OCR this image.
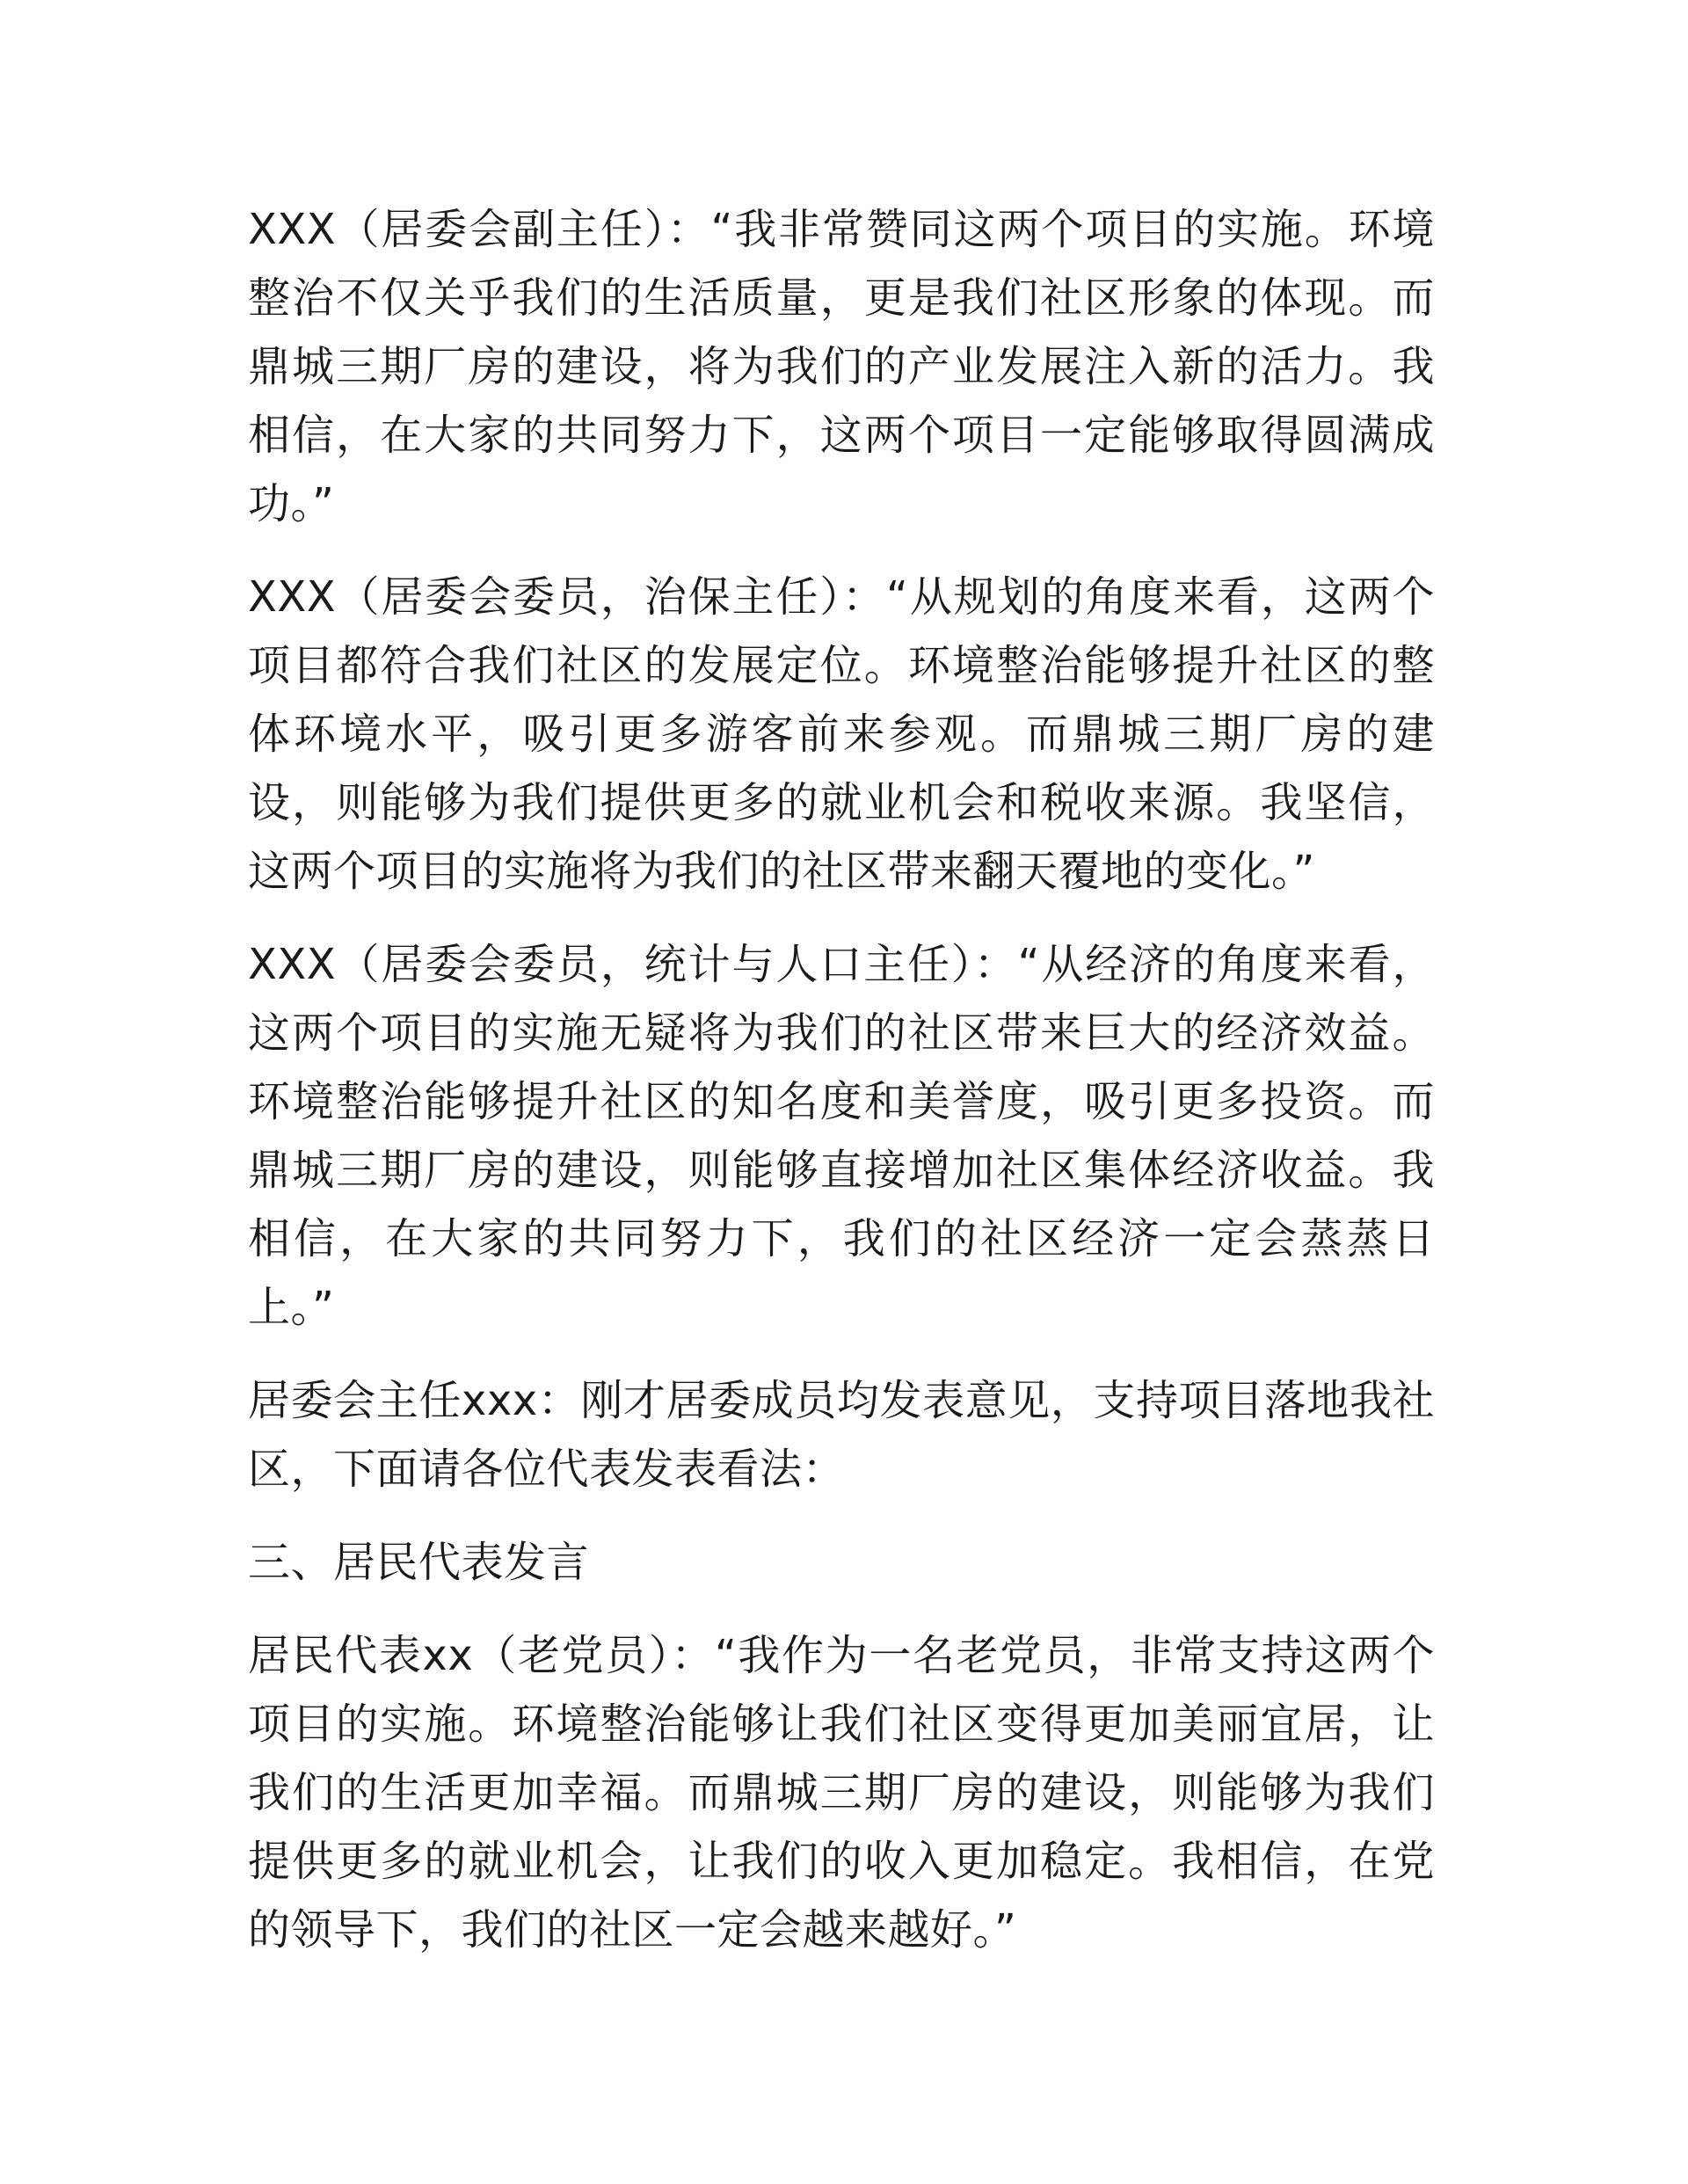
XXX（居委会副主任）：“我非常赞同这两个项目的实施。环境整治不仅关乎我们的生活质量，更是我们社区形象的体现。而鼎城三期厂房的建设，将为我们的产业发展注入新的活力。我相信，在大家的共同努力下，这两个项目一定能够取得圆满成功。”

XXX（居委会委员，治保主任）：“从规划的角度来看，这两个项目都符合我们社区的发展定位。环境整治能够提升社区的整体环境水平，吸引更多游客前来参观。而鼎城三期厂房的建设，则能够为我们提供更多的就业机会和税收来源。我坚信，这两个项目的实施将为我们的社区带来翻天覆地的变化。”

XXX（居委会委员，统计与人口主任）：“从经济的角度来看，这两个项目的实施无疑将为我们的社区带来巨大的经济效益。环境整治能够提升社区的知名度和美誉度，吸引更多投资。而鼎城三期厂房的建设，则能够直接增加社区集体经济收益。我相信，在大家的共同努力下，我们的社区经济一定会蒸蒸日上。”

居委会主任xxx：刚才居委成员均发表意见，支持项目落地我社区，下面请各位代表发表看法：

三、居民代表发言

居民代表xx（老党员）：“我作为一名老党员，非常支持这两个项目的实施。环境整治能够让我们社区变得更加美丽宜居，让我们的生活更加幸福。而鼎城三期厂房的建设，则能够为我们提供更多的就业机会，让我们的收入更加稳定。我相信，在党的领导下，我们的社区一定会越来越好。”
